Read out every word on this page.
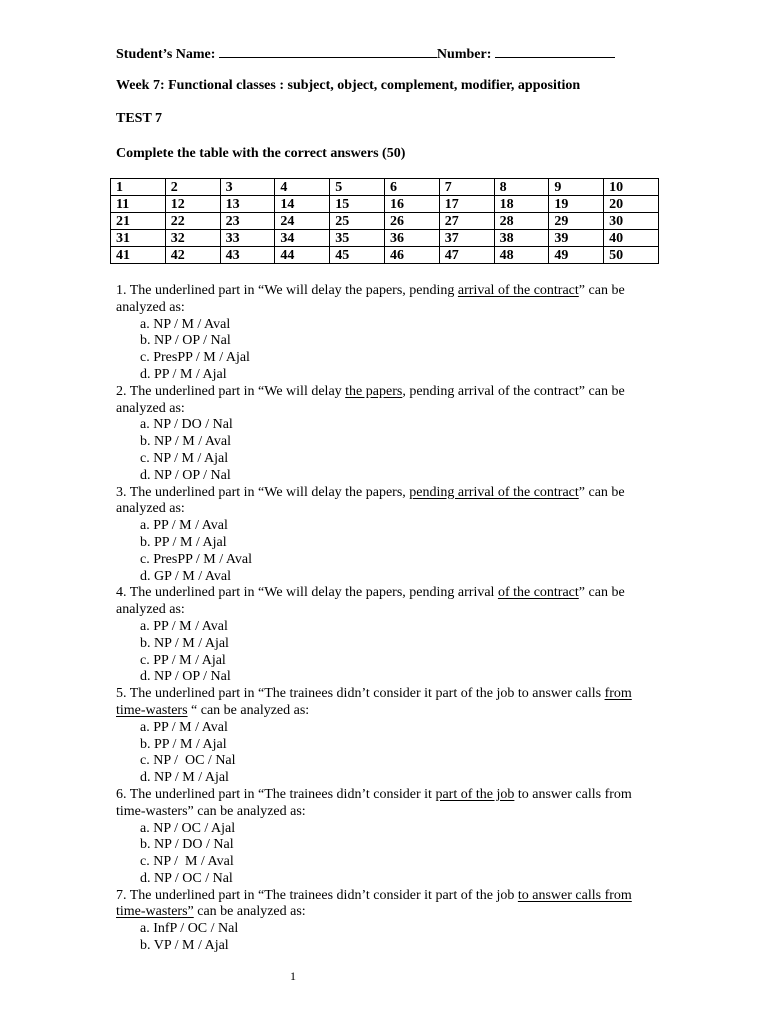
Student’s Name:	Number:
Week 7: Functional classes : subject, object, complement, modifier, apposition
TEST 7
Complete the table with the correct answers (50)
1	2	3	4	5	6	7	8	9	10
11	12	13	14	15	16	17	18	19	20
21	22	23	24	25	26	27	28	29	30
31	32	33	34	35	36	37	38	39	40
41	42	43	44	45	46	47	48	49	50
1. The underlined part in “We will delay the papers, pending arrival of the contract” can be analyzed as:
a. NP / M / Aval
b. NP / OP / Nal
c. PresPP / M / Ajal
d. PP / M / Ajal
2. The underlined part in “We will delay the papers, pending arrival of the contract” can be analyzed as:
a. NP / DO / Nal
b. NP / M / Aval
c. NP / M / Ajal
d. NP / OP / Nal
3. The underlined part in “We will delay the papers, pending arrival of the contract” can be analyzed as:
a. PP / M / Aval
b. PP / M / Ajal
c. PresPP / M / Aval
d. GP / M / Aval
4. The underlined part in “We will delay the papers, pending arrival of the contract” can be analyzed as:
a. PP / M / Aval
b. NP / M / Ajal
c. PP / M / Ajal
d. NP / OP / Nal
5. The underlined part in “The trainees didn’t consider it part of the job to answer calls from time-wasters “ can be analyzed as:
a. PP / M / Aval
b. PP / M / Ajal
c. NP /  OC / Nal
d. NP / M / Ajal
6. The underlined part in “The trainees didn’t consider it part of the job to answer calls from time-wasters” can be analyzed as:
a. NP / OC / Ajal
b. NP / DO / Nal
c. NP /  M / Aval
d. NP / OC / Nal
7. The underlined part in “The trainees didn’t consider it part of the job to answer calls from time-wasters” can be analyzed as:
a. InfP / OC / Nal
b. VP / M / Ajal
1
